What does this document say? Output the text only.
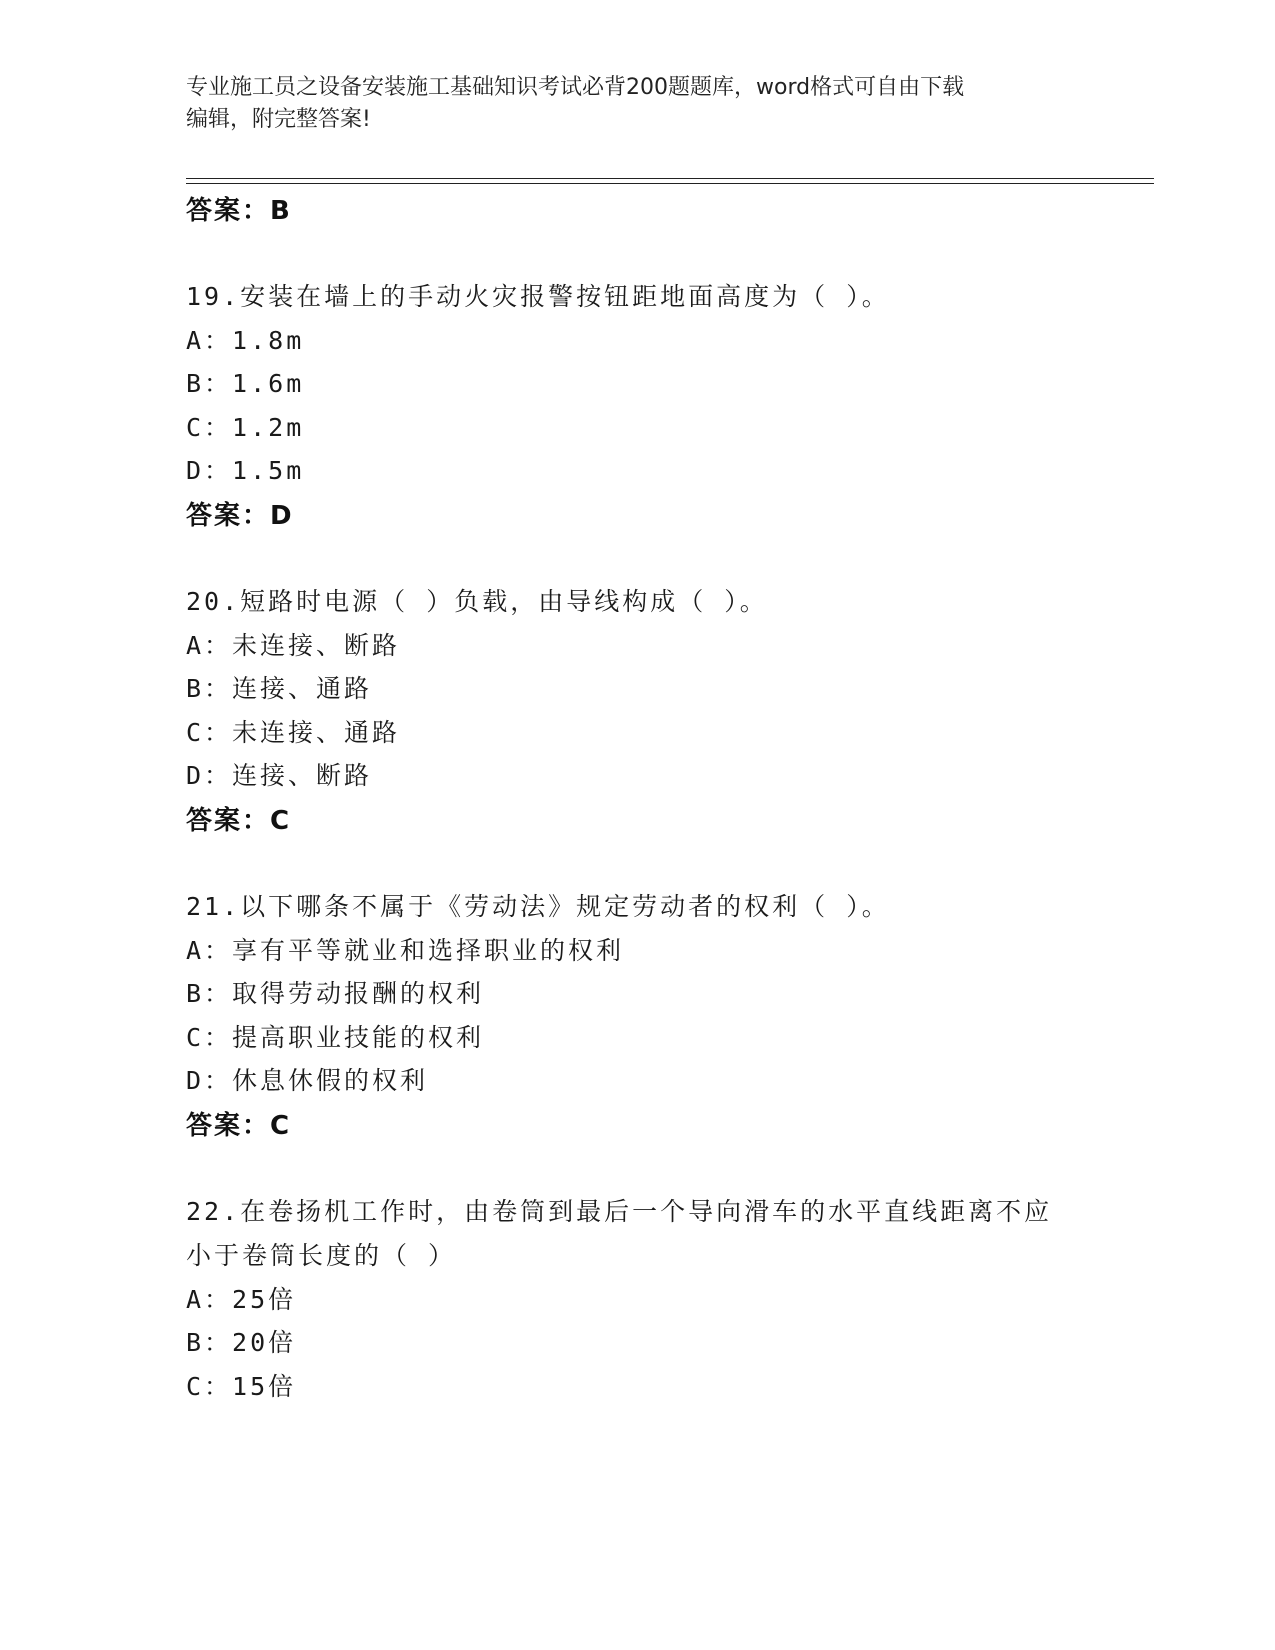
专业施工员之设备安装施工基础知识考试必背200题题库，word格式可自由下载
编辑，附完整答案!
答案：B
19.安装在墙上的手动火灾报警按钮距地面高度为（ ）。
A：1.8m
B：1.6m
C：1.2m
D：1.5m
答案：D
20.短路时电源（ ）负载，由导线构成（ ）。
A：未连接、断路
B：连接、通路
C：未连接、通路
D：连接、断路
答案：C
21.以下哪条不属于《劳动法》规定劳动者的权利（ ）。
A：享有平等就业和选择职业的权利
B：取得劳动报酬的权利
C：提高职业技能的权利
D：休息休假的权利
答案：C
22.在卷扬机工作时，由卷筒到最后一个导向滑车的水平直线距离不应
小于卷筒长度的（ ）
A：25倍
B：20倍
C：15倍
